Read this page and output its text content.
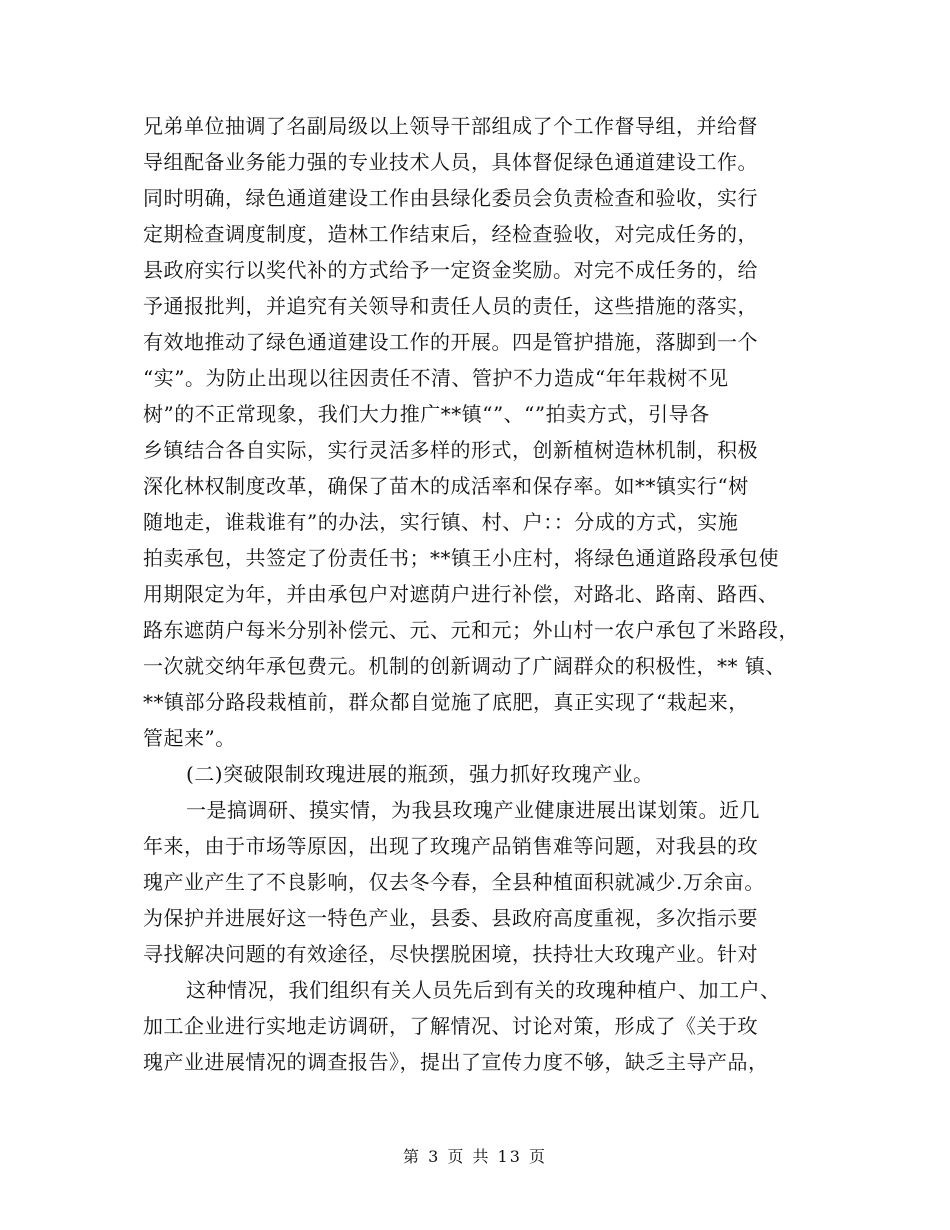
兄弟单位抽调了名副局级以上领导干部组成了个工作督导组，并给督
导组配备业务能力强的专业技术人员，具体督促绿色通道建设工作。
同时明确，绿色通道建设工作由县绿化委员会负责检查和验收，实行
定期检查调度制度，造林工作结束后，经检查验收，对完成任务的，
县政府实行以奖代补的方式给予一定资金奖励。对完不成任务的，给
予通报批判，并追究有关领导和责任人员的责任，这些措施的落实，
有效地推动了绿色通道建设工作的开展。四是管护措施，落脚到一个
“实”。为防止出现以往因责任不清、管护不力造成“年年栽树不见
树”的不正常现象，我们大力推广**镇“”、“”拍卖方式，引导各
乡镇结合各自实际，实行灵活多样的形式，创新植树造林机制，积极
深化林权制度改革，确保了苗木的成活率和保存率。如**镇实行“树
随地走，谁栽谁有”的办法，实行镇、村、户：：分成的方式，实施
拍卖承包，共签定了份责任书；**镇王小庄村，将绿色通道路段承包使
用期限定为年，并由承包户对遮荫户进行补偿，对路北、路南、路西、
路东遮荫户每米分别补偿元、元、元和元；外山村一农户承包了米路段，
一次就交纳年承包费元。机制的创新调动了广阔群众的积极性，** 镇、
**镇部分路段栽植前，群众都自觉施了底肥，真正实现了“栽起来，
管起来”。
(二)突破限制玫瑰进展的瓶颈，强力抓好玫瑰产业。
一是搞调研、摸实情，为我县玫瑰产业健康进展出谋划策。近几
年来，由于市场等原因，出现了玫瑰产品销售难等问题，对我县的玫
瑰产业产生了不良影响，仅去冬今春，全县种植面积就减少.万余亩。
为保护并进展好这一特色产业，县委、县政府高度重视，多次指示要
寻找解决问题的有效途径，尽快摆脱困境，扶持壮大玫瑰产业。针对
这种情况，我们组织有关人员先后到有关的玫瑰种植户、加工户、
加工企业进行实地走访调研，了解情况、讨论对策，形成了《关于玫
瑰产业进展情况的调查报告》，提出了宣传力度不够，缺乏主导产品，
第 3 页 共 13 页
